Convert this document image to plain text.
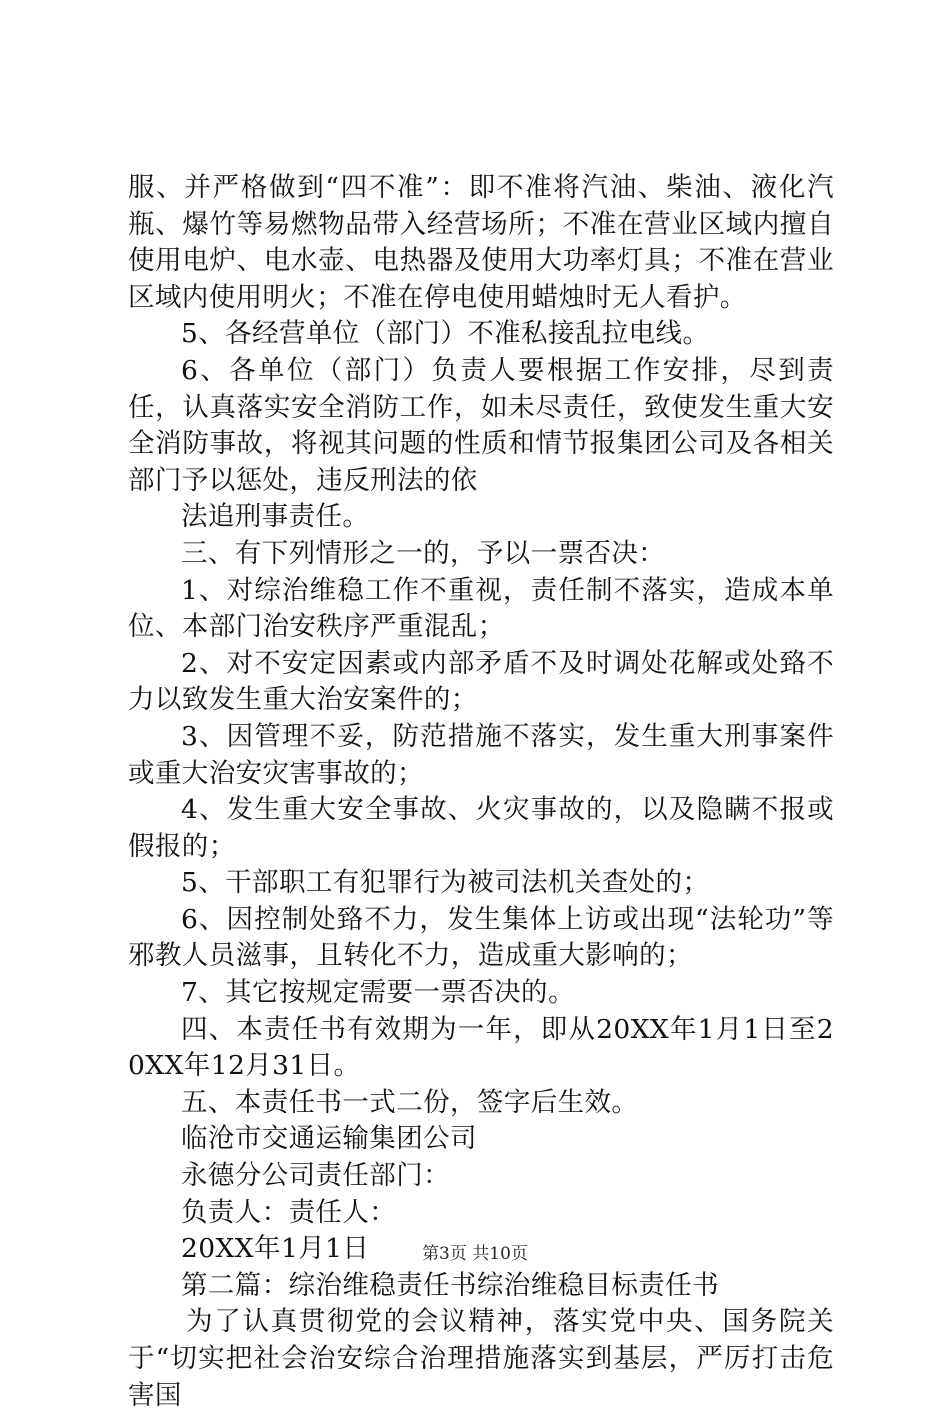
服、并严格做到“四不准”：即不准将汽油、柴油、液化汽瓶、爆竹等易燃物品带入经营场所；不准在营业区域内擅自使用电炉、电水壶、电热器及使用大功率灯具；不准在营业区域内使用明火；不准在停电使用蜡烛时无人看护。

5、各经营单位（部门）不准私接乱拉电线。

6、各单位（部门）负责人要根据工作安排，尽到责任，认真落实安全消防工作，如未尽责任，致使发生重大安全消防事故，将视其问题的性质和情节报集团公司及各相关部门予以惩处，违反刑法的依

法追刑事责任。

三、有下列情形之一的，予以一票否决：

1、对综治维稳工作不重视，责任制不落实，造成本单位、本部门治安秩序严重混乱；

2、对不安定因素或内部矛盾不及时调处花解或处臵不力以致发生重大治安案件的；

3、因管理不妥，防范措施不落实，发生重大刑事案件或重大治安灾害事故的；

4、发生重大安全事故、火灾事故的，以及隐瞒不报或假报的；

5、干部职工有犯罪行为被司法机关查处的；

6、因控制处臵不力，发生集体上访或出现“法轮功”等邪教人员滋事，且转化不力，造成重大影响的；

7、其它按规定需要一票否决的。

四、本责任书有效期为一年，即从20XX年1月1日至20XX年12月31日。

五、本责任书一式二份，签字后生效。

临沧市交通运输集团公司

永德分公司责任部门：

负责人：责任人：

20XX年1月1日

第二篇：综治维稳责任书综治维稳目标责任书

为了认真贯彻党的会议精神，落实党中央、国务院关于“切实把社会治安综合治理措施落实到基层，严厉打击危害国

第3页 共10页
